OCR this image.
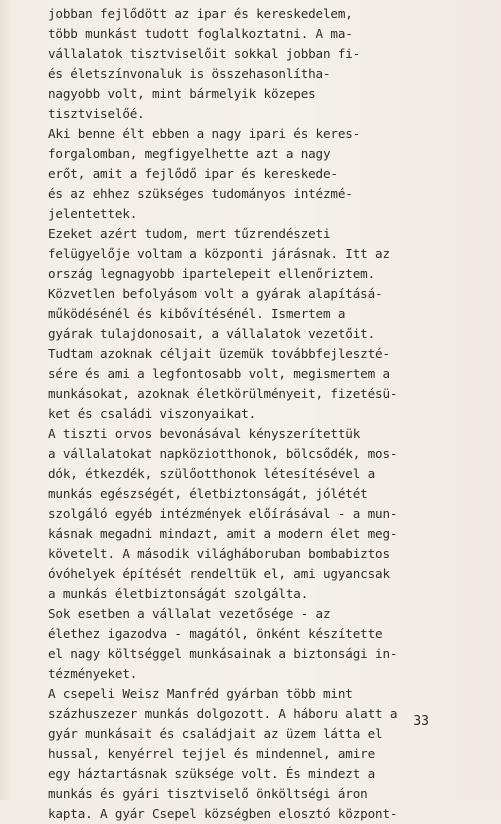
jobban fejlődött az ipar és kereskedelem,
több munkást tudott foglalkoztatni. A ma-
vállalatok tisztviselőit sokkal jobban fi-
és életszínvonaluk is összehasonlítha-
nagyobb volt, mint bármelyik közepes
tisztviselőé.
Aki benne élt ebben a nagy ipari és keres-
forgalomban, megfigyelhette azt a nagy
erőt, amit a fejlődő ipar és kereskede-
és az ehhez szükséges tudományos intézmé-
jelentettek.
Ezeket azért tudom, mert tűzrendészeti
felügyelője voltam a központi járásnak. Itt az
ország legnagyobb ipartelepeit ellenőriztem.
Közvetlen befolyásom volt a gyárak alapításá-
működésénél és kibővítésénél. Ismertem a
gyárak tulajdonosait, a vállalatok vezetőit.
Tudtam azoknak céljait üzemük továbbfejleszté-
sére és ami a legfontosabb volt, megismertem a
munkásokat, azoknak életkörülményeit, fizetésü-
ket és családi viszonyaikat.
A tiszti orvos bevonásával kényszerítettük
a vállalatokat napköziotthonok, bölcsődék, mos-
dók, étkezdék, szülőotthonok létesítésével a
munkás egészségét, életbiztonságát, jólétét
szolgáló egyéb intézmények előírásával - a mun-
kásnak megadni mindazt, amit a modern élet meg-
követelt. A második világháboruban bombabiztos
óvóhelyek építését rendeltük el, ami ugyancsak
a munkás életbiztonságát szolgálta.
Sok esetben a vállalat vezetősége - az
élethez igazodva - magától, önként készítette
el nagy költséggel munkásainak a biztonsági in-
tézményeket.
A csepeli Weisz Manfréd gyárban több mint
százhuszezer munkás dolgozott. A háboru alatt a
gyár munkásait és családjait az üzem látta el
hussal, kenyérrel tejjel és mindennel, amire
egy háztartásnak szüksége volt. És mindezt a
munkás és gyári tisztviselő önköltségi áron
kapta. A gyár Csepel községben elosztó központ-
33
